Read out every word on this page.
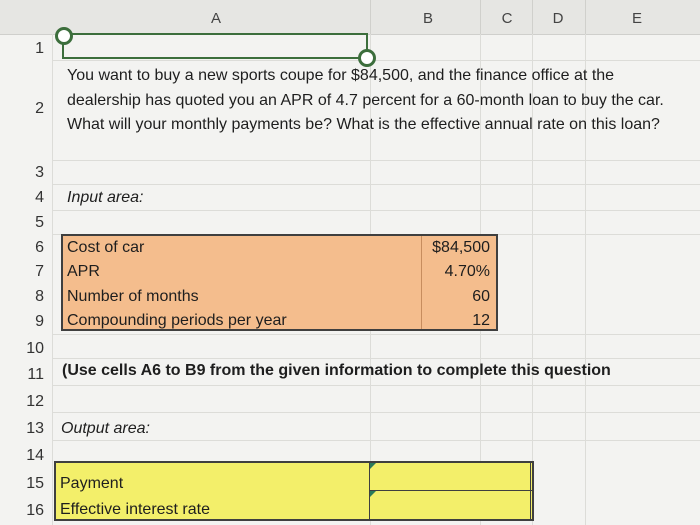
A	B	C	D	E
1
2
3
4
5
6
7
8
9
10
11
12
13
14
15
16
You want to buy a new sports coupe for $84,500, and the finance office at the dealership has quoted you an APR of 4.7 percent for a 60-month loan to buy the car. What will your monthly payments be? What is the effective annual rate on this loan?
Input area:
Cost of car	$84,500
APR	4.70%
Number of months	60
Compounding periods per year	12
(Use cells A6 to B9 from the given information to complete this question
Output area:
Payment
Effective interest rate
